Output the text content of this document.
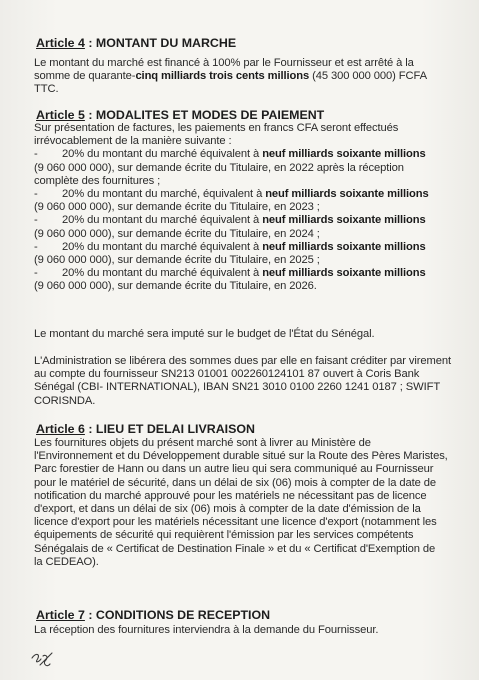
Article 4 : MONTANT DU MARCHE
Le montant du marché est financé à 100% par le Fournisseur et est arrêté à la
somme de quarante-cinq milliards trois cents millions (45 300 000 000) FCFA
TTC.
Article 5 : MODALITES ET MODES DE PAIEMENT
Sur présentation de factures, les paiements en francs CFA seront effectués
irrévocablement de la manière suivante :
- 20% du montant du marché équivalent à neuf milliards soixante millions
(9 060 000 000), sur demande écrite du Titulaire, en 2022 après la réception
complète des fournitures ;
- 20% du montant du marché, équivalent à neuf milliards soixante millions
(9 060 000 000), sur demande écrite du Titulaire, en 2023 ;
- 20% du montant du marché équivalent à neuf milliards soixante millions
(9 060 000 000), sur demande écrite du Titulaire, en 2024 ;
- 20% du montant du marché équivalent à neuf milliards soixante millions
(9 060 000 000), sur demande écrite du Titulaire, en 2025 ;
- 20% du montant du marché équivalent à neuf milliards soixante millions
(9 060 000 000), sur demande écrite du Titulaire, en 2026.
Le montant du marché sera imputé sur le budget de l'État du Sénégal.
L'Administration se libérera des sommes dues par elle en faisant créditer par virement
au compte du fournisseur SN213 01001 002260124101 87 ouvert à Coris Bank
Sénégal (CBI- INTERNATIONAL), IBAN SN21 3010 0100 2260 1241 0187 ; SWIFT
CORISNDA.
Article 6 : LIEU ET DELAI LIVRAISON
Les fournitures objets du présent marché sont à livrer au Ministère de
l'Environnement et du Développement durable situé sur la Route des Pères Maristes,
Parc forestier de Hann ou dans un autre lieu qui sera communiqué au Fournisseur
pour le matériel de sécurité, dans un délai de six (06) mois à compter de la date de
notification du marché approuvé pour les matériels ne nécessitant pas de licence
d'export, et dans un délai de six (06) mois à compter de la date d'émission de la
licence d'export pour les matériels nécessitant une licence d'export (notamment les
équipements de sécurité qui requièrent l'émission par les services compétents
Sénégalais de « Certificat de Destination Finale » et du « Certificat d'Exemption de
la CEDEAO).
Article 7 : CONDITIONS DE RECEPTION
La réception des fournitures interviendra à la demande du Fournisseur.
